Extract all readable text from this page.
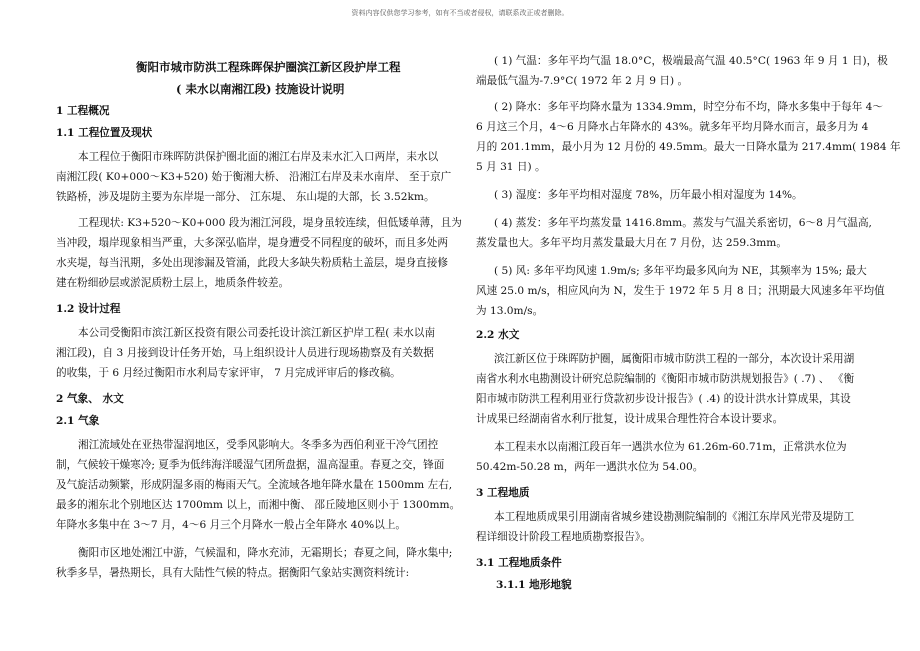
资料内容仅供您学习参考，如有不当或者侵权，请联系改正或者删除。
衡阳市城市防洪工程珠晖保护圈滨江新区段护岸工程
( 耒水以南湘江段) 技施设计说明
1 工程概况
1.1 工程位置及现状
本工程位于衡阳市珠晖防洪保护圈北面的湘江右岸及耒水汇入口两岸，耒水以
南湘江段( K0+000～K3+520) 始于衡湘大桥、 沿湘江右岸及耒水南岸、 至于京广
铁路桥，涉及堤防主要为东岸堤一部分、 江东堤、 东山堤的大部，长 3.52km。
工程现状: K3+520～K0+000 段为湘江河段，堤身虽较连续，但低矮单薄，且为
当冲段，塌岸现象相当严重，大多深弘临岸，堤身遭受不同程度的破坏，而且多处两
水夹堤，每当汛期，多处出现渗漏及管涌，此段大多缺失粉质粘土盖层，堤身直接修
建在粉细砂层或淤泥质粉土层上，地质条件较差。
1.2 设计过程
本公司受衡阳市滨江新区投资有限公司委托设计滨江新区护岸工程( 耒水以南
湘江段)，自 3 月接到设计任务开始，马上组织设计人员进行现场勘察及有关数据
的收集，于 6 月经过衡阳市水利局专家评审， 7 月完成评审后的修改稿。
2 气象、 水文
2.1 气象
湘江流域处在亚热带湿润地区，受季风影响大。冬季多为西伯利亚干冷气团控
制，气候较干燥寒冷; 夏季为低纬海洋暖湿气团所盘据，温高湿重。春夏之交，锋面
及气旋活动频繁，形成阴湿多雨的梅雨天气。全流域各地年降水量在 1500mm 左右,
最多的湘东北个别地区达 1700mm 以上，而湘中衡、 邵丘陵地区则小于 1300mm。
年降水多集中在 3～7 月，4～6 月三个月降水一般占全年降水 40%以上。
衡阳市区地处湘江中游，气候温和，降水充沛，无霜期长；春夏之间，降水集中;
秋季多旱，暑热期长，具有大陆性气候的特点。据衡阳气象站实测资料统计:
( 1) 气温：多年平均气温 18.0°C，极端最高气温 40.5°C( 1963 年 9 月 1 日)，极
端最低气温为-7.9°C( 1972 年 2 月 9 日) 。
( 2) 降水：多年平均降水量为 1334.9mm，时空分布不均，降水多集中于每年 4～
6 月这三个月，4～6 月降水占年降水的 43%。就多年平均月降水而言，最多月为 4
月的 201.1mm，最小月为 12 月份的 49.5mm。最大一日降水量为 217.4mm( 1984 年
5 月 31 日) 。
( 3) 湿度：多年平均相对湿度 78%，历年最小相对湿度为 14%。
( 4) 蒸发：多年平均蒸发量 1416.8mm。蒸发与气温关系密切，6～8 月气温高,
蒸发量也大。多年平均月蒸发量最大月在 7 月份，达 259.3mm。
( 5) 风: 多年平均风速 1.9m/s; 多年平均最多风向为 NE，其频率为 15%; 最大
风速 25.0 m/s，相应风向为 N，发生于 1972 年 5 月 8 日；汛期最大风速多年平均值
为 13.0m/s。
2.2 水文
滨江新区位于珠晖防护圈，属衡阳市城市防洪工程的一部分，本次设计采用湖
南省水利水电勘测设计研究总院编制的《衡阳市城市防洪规划报告》( .7) 、 《衡
阳市城市防洪工程利用亚行贷款初步设计报告》( .4) 的设计洪水计算成果，其设
计成果已经湖南省水利厅批复，设计成果合理性符合本设计要求。
本工程耒水以南湘江段百年一遇洪水位为 61.26m-60.71m，正常洪水位为
50.42m-50.28 m，两年一遇洪水位为 54.00。
3 工程地质
本工程地质成果引用湖南省城乡建设勘测院编制的《湘江东岸风光带及堤防工
程详细设计阶段工程地质勘察报告》。
3.1 工程地质条件
3.1.1 地形地貌
